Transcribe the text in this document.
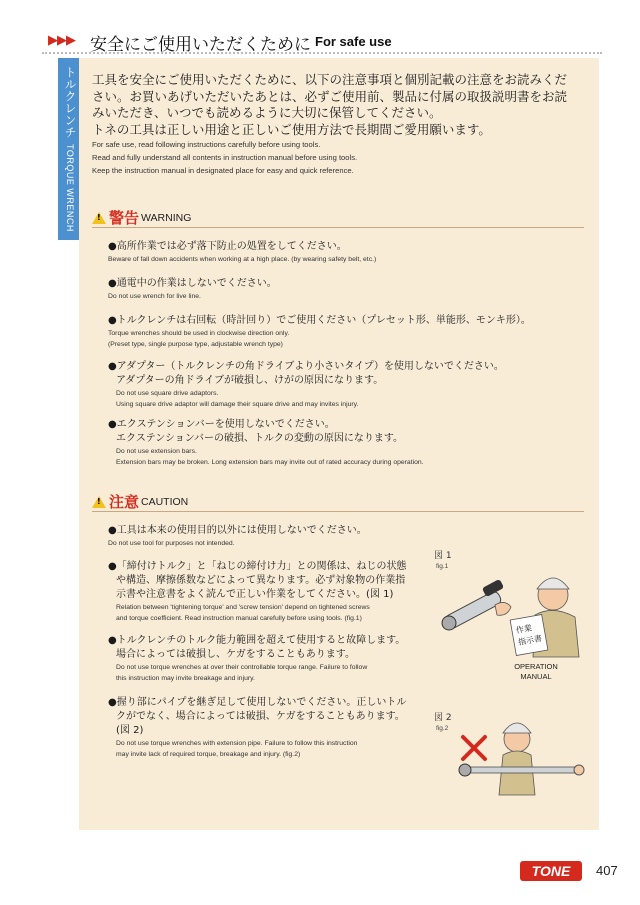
▶▶▶ 安全にご使用いただくために For safe use
トルクレンチTORQUE WRENCH

工具を安全にご使用いただくために、以下の注意事項と個別記載の注意をお読みくだ

さい。お買いあげいただいたあとは、必ずご使用前、製品に付属の取扱説明書をお読

みいただき、いつでも読めるように大切に保管してください。

トネの工具は正しい用途と正しいご使用方法で長期間ご愛用願います。

For safe use, read following instructions carefully before using tools.

Read and fully understand all contents in instruction manual before using tools.

Keep the instruction manual in designated place for easy and quick reference.

! 警告 WARNING

●高所作業では必ず落下防止の処置をしてください。

Beware of fall down accidents when working at a high place. (by wearing safety belt, etc.)

●通電中の作業はしないでください。

Do not use wrench for live line.

●トルクレンチは右回転（時計回り）でご使用ください（プレセット形、単能形、モンキ形）。

Torque wrenches should be used in clockwise direction only.

(Preset type, single purpose type, adjustable wrench type)

●アダプター（トルクレンチの角ドライブより小さいタイプ）を使用しないでください。

アダプターの角ドライブが破損し、けがの原因になります。

Do not use square drive adaptors.

Using square drive adaptor will damage their square drive and may invites injury.

●エクステンションバーを使用しないでください。

エクステンションバーの破損、トルクの変動の原因になります。

Do not use extension bars.

Extension bars may be broken. Long extension bars may invite out of rated accuracy during operation.

! 注意 CAUTION

●工具は本来の使用目的以外には使用しないでください。

Do not use tool for purposes not intended.

●「締付けトルク」と「ねじの締付け力」との関係は、ねじの状態

や構造、摩擦係数などによって異なります。必ず対象物の作業指

示書や注意書をよく読んで正しい作業をしてください。(図 1)

Relation between 'tightening torque' and 'screw tension' depend on tightened screws

and torque coefficient. Read instruction manual carefully before using tools. (fig.1)

●トルクレンチのトルク能力範囲を超えて使用すると故障します。

場合によっては破損し、ケガをすることもあります。

Do not use torque wrenches at over their controllable torque range. Failure to follow

this instruction may invite breakage and injury.

●握り部にパイプを継ぎ足して使用しないでください。正しいトル

クがでなく、場合によっては破損、ケガをすることもあります。

(図 2)

Do not use torque wrenches with extension pipe. Failure to follow this instruction

may invite lack of required torque, breakage and injury. (fig.2)

図 1
fig.1
作業
指示書
OPERATION
MANUAL
図 2
fig.2
TONE	407
